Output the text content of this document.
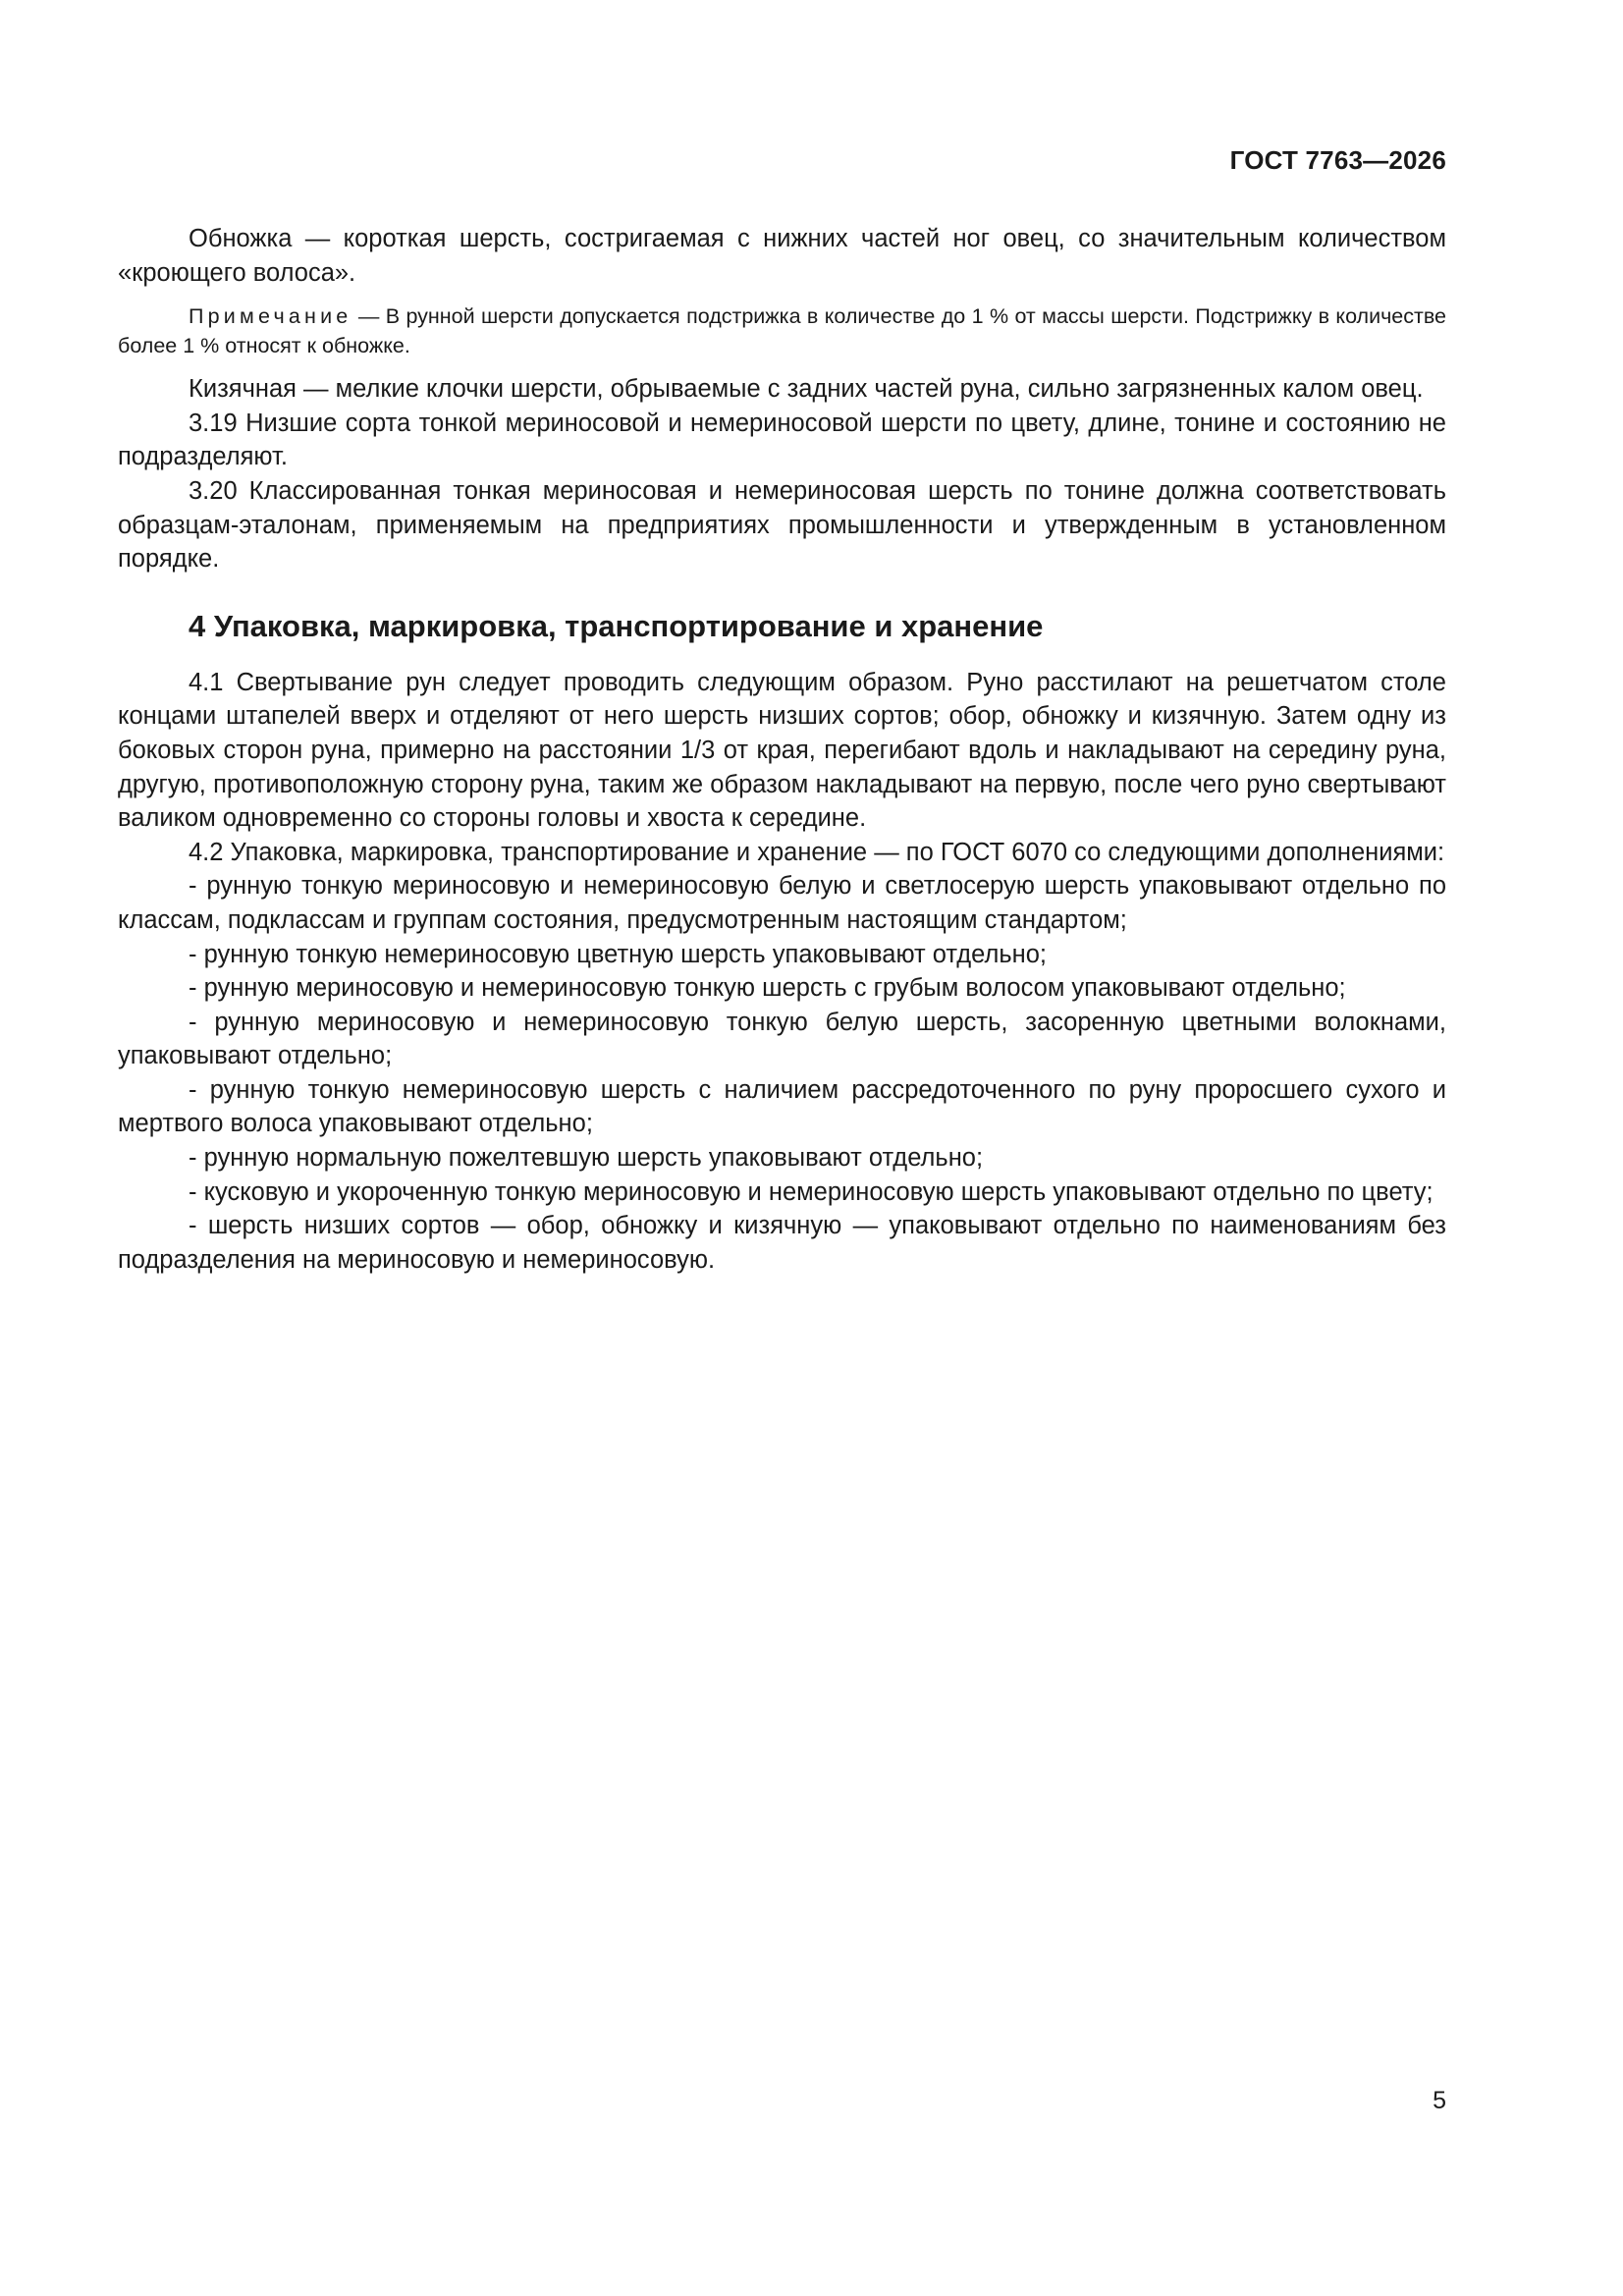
ГОСТ 7763—2026

Обножка — короткая шерсть, состригаемая с нижних частей ног овец, со значительным количеством «кроющего волоса».

Примечание — В рунной шерсти допускается подстрижка в количестве до 1 % от массы шерсти. Подстрижку в количестве более 1 % относят к обножке.

Кизячная — мелкие клочки шерсти, обрываемые с задних частей руна, сильно загрязненных калом овец.

3.19 Низшие сорта тонкой мериносовой и немериносовой шерсти по цвету, длине, тонине и состоянию не подразделяют.

3.20 Классированная тонкая мериносовая и немериносовая шерсть по тонине должна соответствовать образцам-эталонам, применяемым на предприятиях промышленности и утвержденным в установленном порядке.

4 Упаковка, маркировка, транспортирование и хранение

4.1 Свертывание рун следует проводить следующим образом. Руно расстилают на решетчатом столе концами штапелей вверх и отделяют от него шерсть низших сортов; обор, обножку и кизячную. Затем одну из боковых сторон руна, примерно на расстоянии 1/3 от края, перегибают вдоль и накладывают на середину руна, другую, противоположную сторону руна, таким же образом накладывают на первую, после чего руно свертывают валиком одновременно со стороны головы и хвоста к середине.

4.2 Упаковка, маркировка, транспортирование и хранение — по ГОСТ 6070 со следующими дополнениями:

- рунную тонкую мериносовую и немериносовую белую и светлосерую шерсть упаковывают отдельно по классам, подклассам и группам состояния, предусмотренным настоящим стандартом;

- рунную тонкую немериносовую цветную шерсть упаковывают отдельно;

- рунную мериносовую и немериносовую тонкую шерсть с грубым волосом упаковывают отдельно;

- рунную мериносовую и немериносовую тонкую белую шерсть, засоренную цветными волокнами, упаковывают отдельно;

- рунную тонкую немериносовую шерсть с наличием рассредоточенного по руну проросшего сухого и мертвого волоса упаковывают отдельно;

- рунную нормальную пожелтевшую шерсть упаковывают отдельно;

- кусковую и укороченную тонкую мериносовую и немериносовую шерсть упаковывают отдельно по цвету;

- шерсть низших сортов — обор, обножку и кизячную — упаковывают отдельно по наименованиям без подразделения на мериносовую и немериносовую.

5
